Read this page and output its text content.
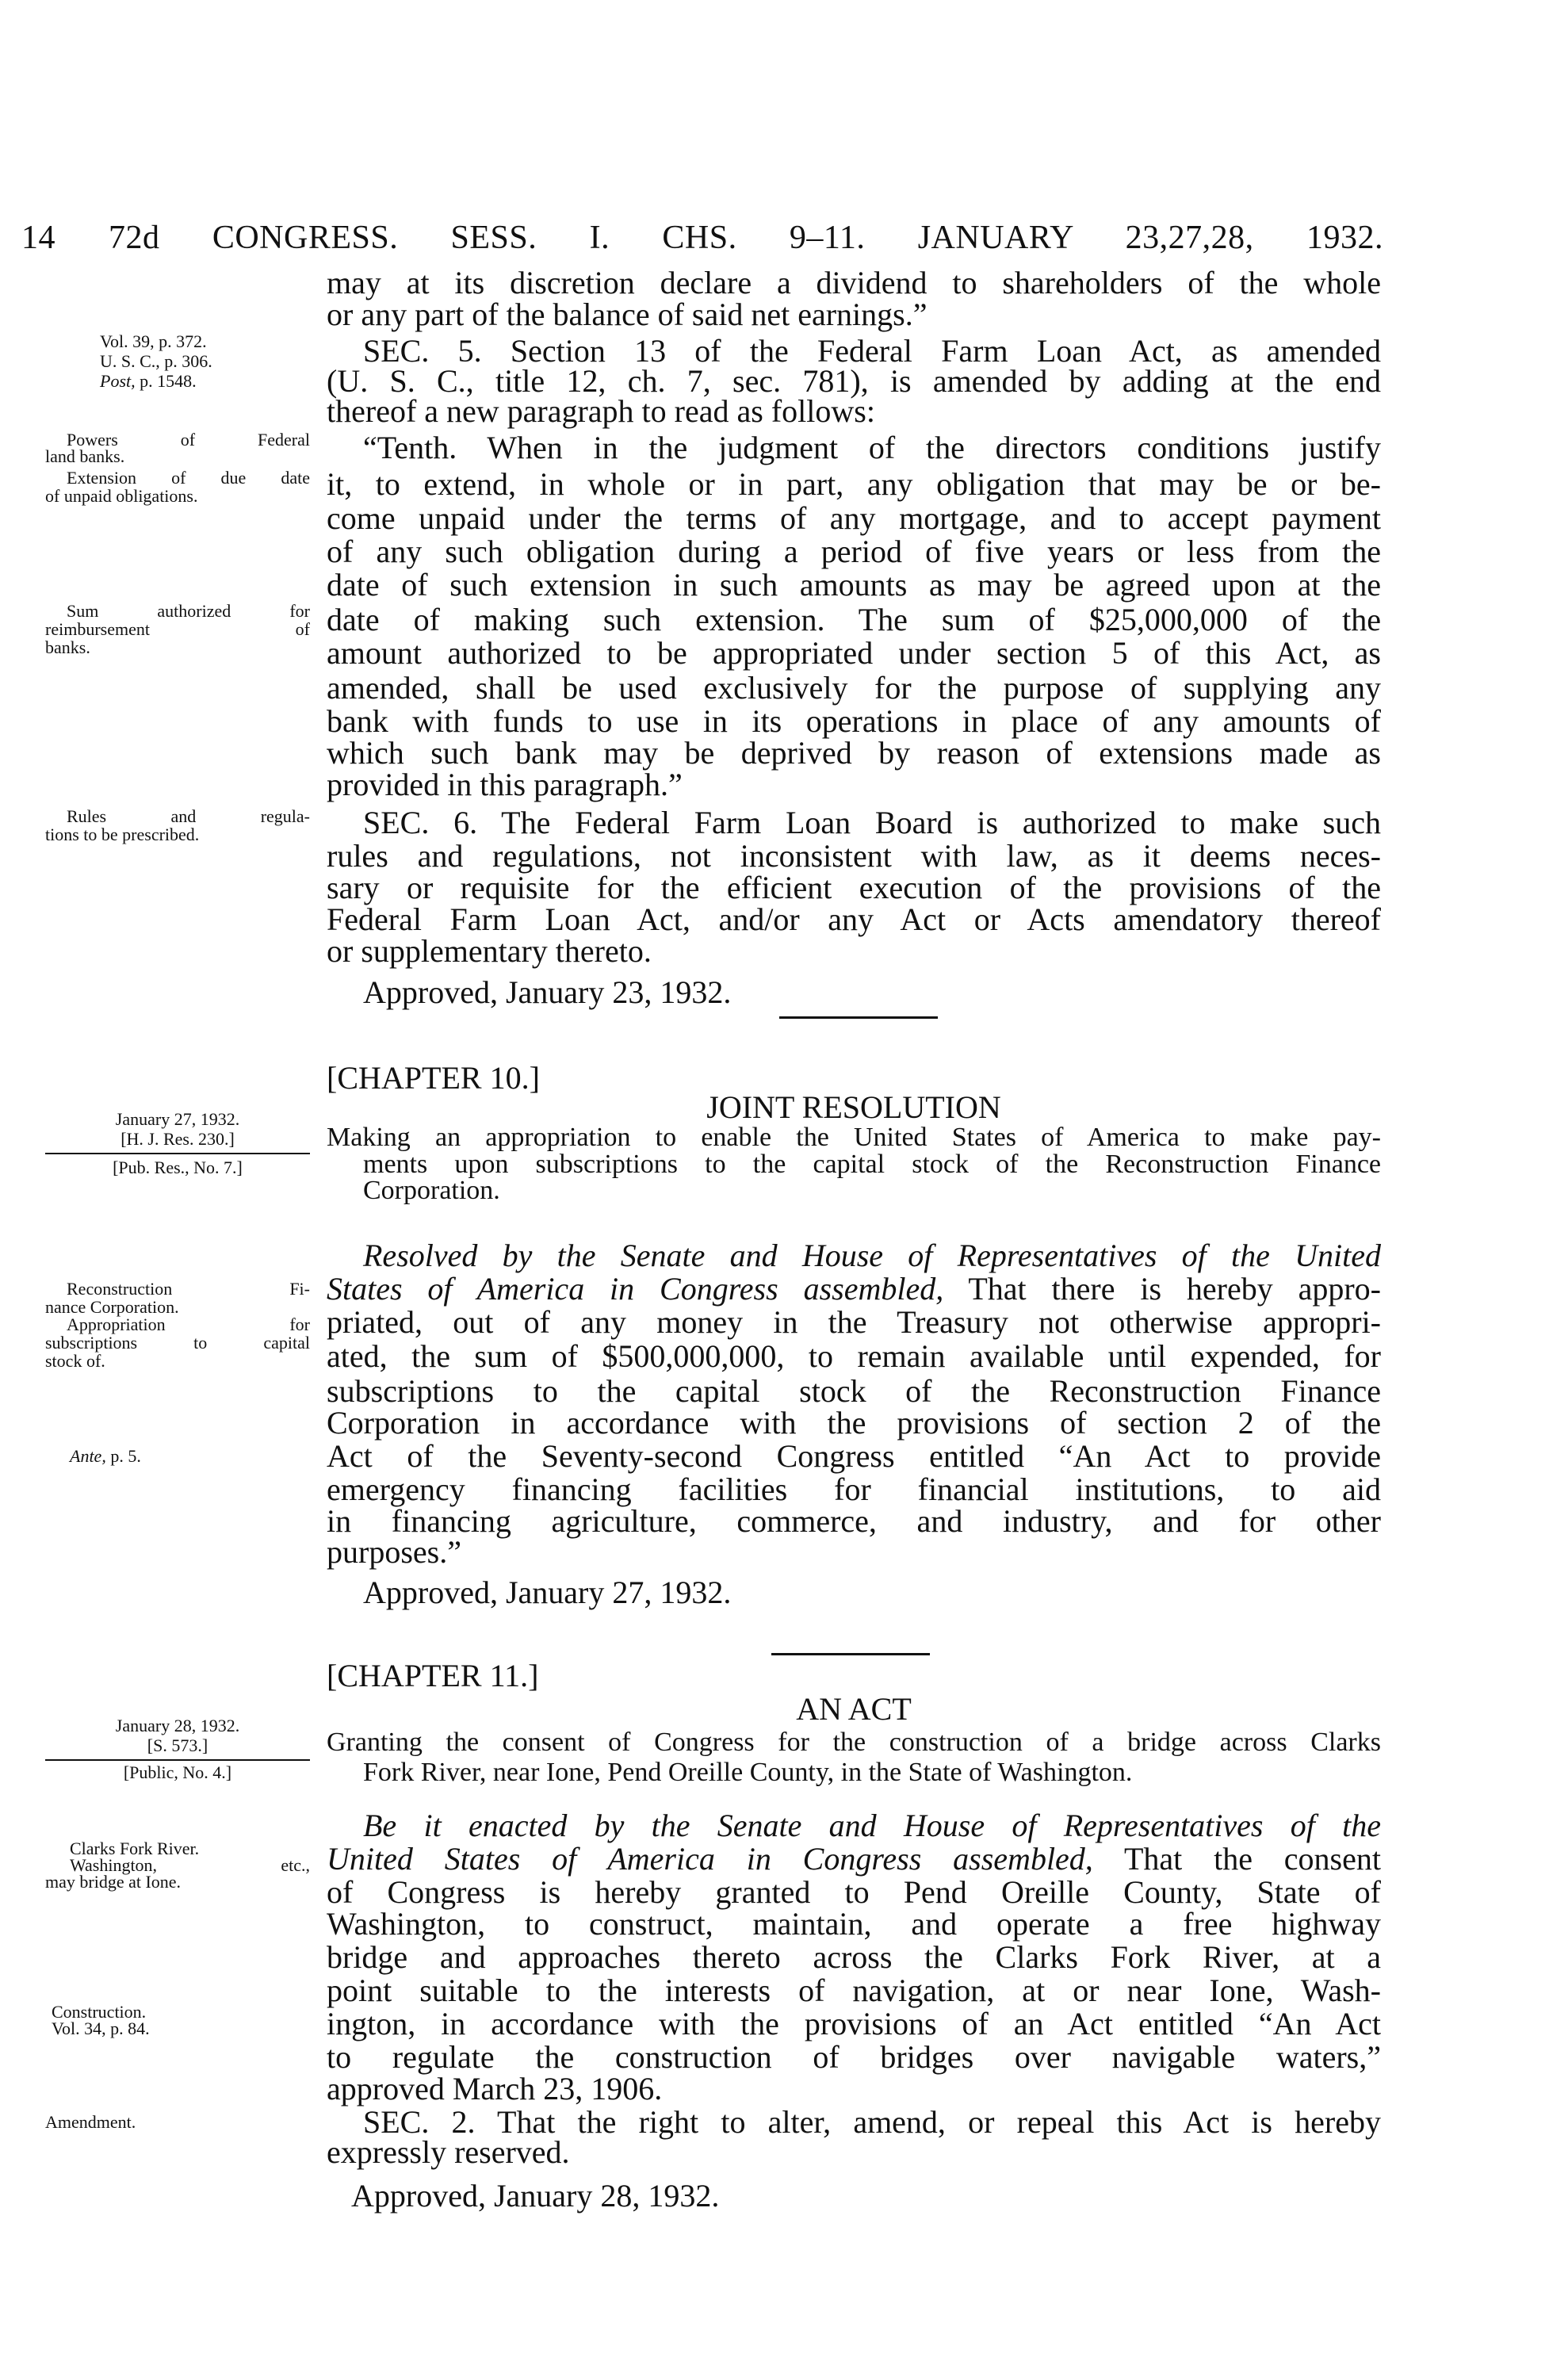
14 72d CONGRESS. SESS. I. CHS. 9–11. JANUARY 23,27,28, 1932.
may at its discretion declare a dividend to shareholders of the whole
or any part of the balance of said net earnings.”
SEC. 5. Section 13 of the Federal Farm Loan Act, as amended
(U. S. C., title 12, ch. 7, sec. 781), is amended by adding at the end
thereof a new paragraph to read as follows:
“Tenth. When in the judgment of the directors conditions justify
it, to extend, in whole or in part, any obligation that may be or be-
come unpaid under the terms of any mortgage, and to accept payment
of any such obligation during a period of five years or less from the
date of such extension in such amounts as may be agreed upon at the
date of making such extension. The sum of $25,000,000 of the
amount authorized to be appropriated under section 5 of this Act, as
amended, shall be used exclusively for the purpose of supplying any
bank with funds to use in its operations in place of any amounts of
which such bank may be deprived by reason of extensions made as
provided in this paragraph.”
SEC. 6. The Federal Farm Loan Board is authorized to make such
rules and regulations, not inconsistent with law, as it deems neces-
sary or requisite for the efficient execution of the provisions of the
Federal Farm Loan Act, and/or any Act or Acts amendatory thereof
or supplementary thereto.
Approved, January 23, 1932.
[CHAPTER 10.]
JOINT RESOLUTION
Making an appropriation to enable the United States of America to make pay-
ments upon subscriptions to the capital stock of the Reconstruction Finance
Corporation.
Resolved by the Senate and House of Representatives of the United
States of America in Congress assembled, That there is hereby appro-
priated, out of any money in the Treasury not otherwise appropri-
ated, the sum of $500,000,000, to remain available until expended, for
subscriptions to the capital stock of the Reconstruction Finance
Corporation in accordance with the provisions of section 2 of the
Act of the Seventy-second Congress entitled “An Act to provide
emergency financing facilities for financial institutions, to aid
in financing agriculture, commerce, and industry, and for other
purposes.”
Approved, January 27, 1932.
[CHAPTER 11.]
AN ACT
Granting the consent of Congress for the construction of a bridge across Clarks
Fork River, near Ione, Pend Oreille County, in the State of Washington.
Be it enacted by the Senate and House of Representatives of the
United States of America in Congress assembled, That the consent
of Congress is hereby granted to Pend Oreille County, State of
Washington, to construct, maintain, and operate a free highway
bridge and approaches thereto across the Clarks Fork River, at a
point suitable to the interests of navigation, at or near Ione, Wash-
ington, in accordance with the provisions of an Act entitled “An Act
to regulate the construction of bridges over navigable waters,”
approved March 23, 1906.
SEC. 2. That the right to alter, amend, or repeal this Act is hereby
expressly reserved.
Approved, January 28, 1932.
Vol. 39, p. 372.
U. S. C., p. 306.
Post, p. 1548.
Powers of Federal
land banks.
Extension of due date
of unpaid obligations.
Sum authorized for
reimbursement of
banks.
Rules and regula-
tions to be prescribed.
January 27, 1932.
[H. J. Res. 230.]
[Pub. Res., No. 7.]
Reconstruction Fi-
nance Corporation.
Appropriation for
subscriptions to capital
stock of.
Ante, p. 5.
January 28, 1932.
[S. 573.]
[Public, No. 4.]
Clarks Fork River.
Washington, etc.,
may bridge at Ione.
Construction.
Vol. 34, p. 84.
Amendment.
